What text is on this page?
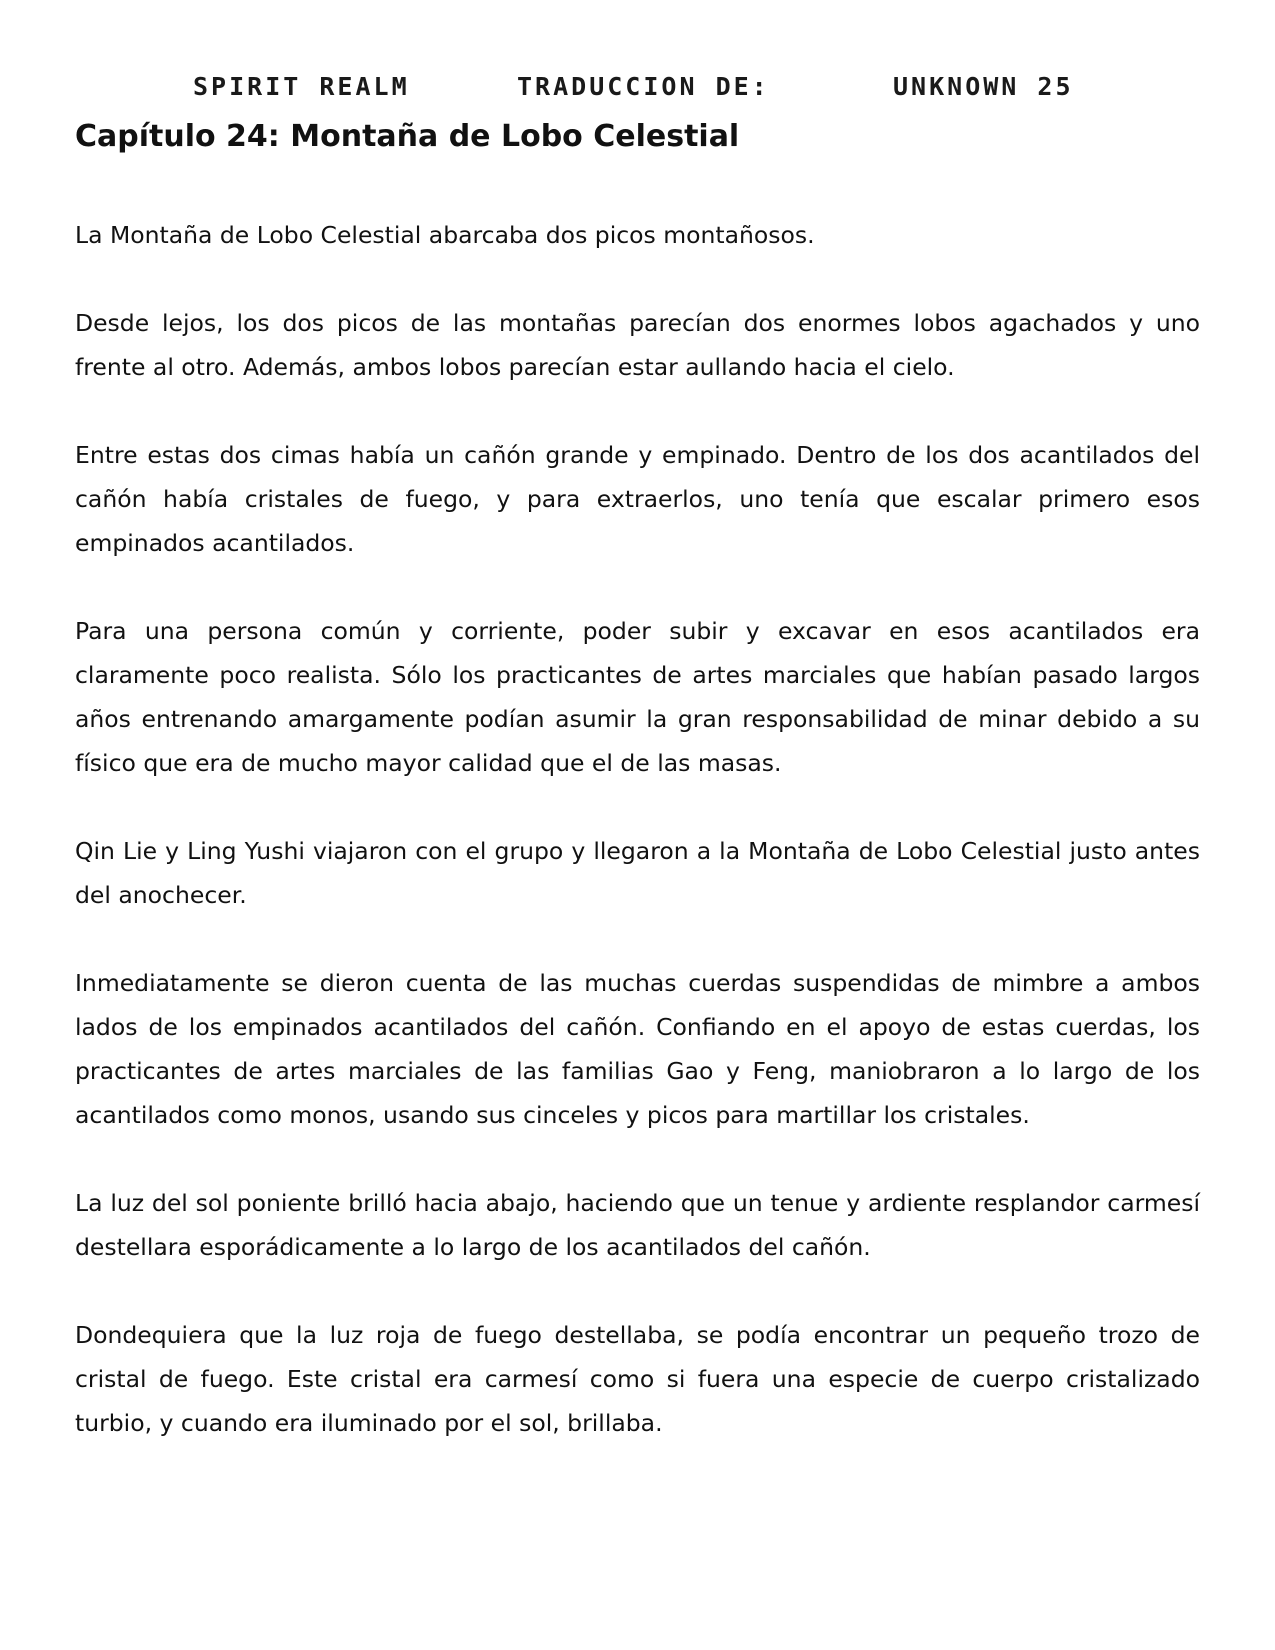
SPIRIT REALM	TRADUCCION DE:	UNKNOWN 25
Capítulo 24: Montaña de Lobo Celestial

La Montaña de Lobo Celestial abarcaba dos picos montañosos.

Desde lejos, los dos picos de las montañas parecían dos enormes lobos agachados y uno frente al otro. Además, ambos lobos parecían estar aullando hacia el cielo.

Entre estas dos cimas había un cañón grande y empinado. Dentro de los dos acantilados del cañón había cristales de fuego, y para extraerlos, uno tenía que escalar primero esos empinados acantilados.

Para una persona común y corriente, poder subir y excavar en esos acantilados era claramente poco realista. Sólo los practicantes de artes marciales que habían pasado largos años entrenando amargamente podían asumir la gran responsabilidad de minar debido a su físico que era de mucho mayor calidad que el de las masas.

Qin Lie y Ling Yushi viajaron con el grupo y llegaron a la Montaña de Lobo Celestial justo antes del anochecer.

Inmediatamente se dieron cuenta de las muchas cuerdas suspendidas de mimbre a ambos lados de los empinados acantilados del cañón. Confiando en el apoyo de estas cuerdas, los practicantes de artes marciales de las familias Gao y Feng, maniobraron a lo largo de los acantilados como monos, usando sus cinceles y picos para martillar los cristales.

La luz del sol poniente brilló hacia abajo, haciendo que un tenue y ardiente resplandor carmesí destellara esporádicamente a lo largo de los acantilados del cañón.

Dondequiera que la luz roja de fuego destellaba, se podía encontrar un pequeño trozo de cristal de fuego. Este cristal era carmesí como si fuera una especie de cuerpo cristalizado turbio, y cuando era iluminado por el sol, brillaba.
